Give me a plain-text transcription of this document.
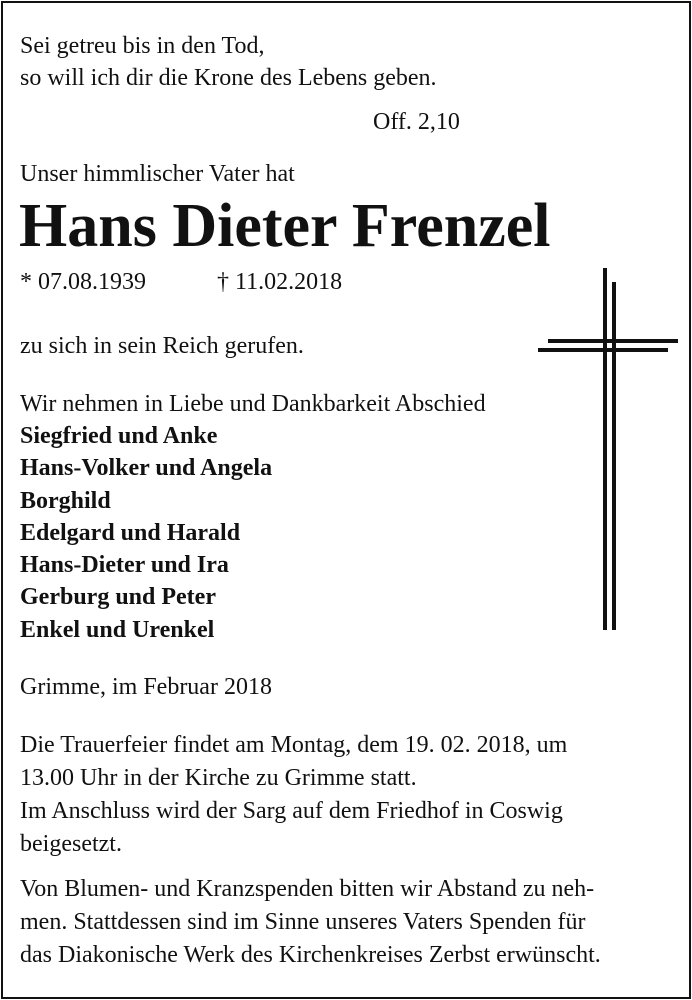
Sei getreu bis in den Tod,
so will ich dir die Krone des Lebens geben.
Off. 2,10
Unser himmlischer Vater hat
Hans Dieter Frenzel
* 07.08.1939	† 11.02.2018
zu sich in sein Reich gerufen.
Wir nehmen in Liebe und Dankbarkeit Abschied
Siegfried und Anke
Hans-Volker und Angela
Borghild
Edelgard und Harald
Hans-Dieter und Ira
Gerburg und Peter
Enkel und Urenkel
Grimme, im Februar 2018
Die Trauerfeier findet am Montag, dem 19. 02. 2018, um
13.00 Uhr in der Kirche zu Grimme statt.
Im Anschluss wird der Sarg auf dem Friedhof in Coswig
beigesetzt.
Von Blumen- und Kranzspenden bitten wir Abstand zu neh-
men. Stattdessen sind im Sinne unseres Vaters Spenden für
das Diakonische Werk des Kirchenkreises Zerbst erwünscht.
